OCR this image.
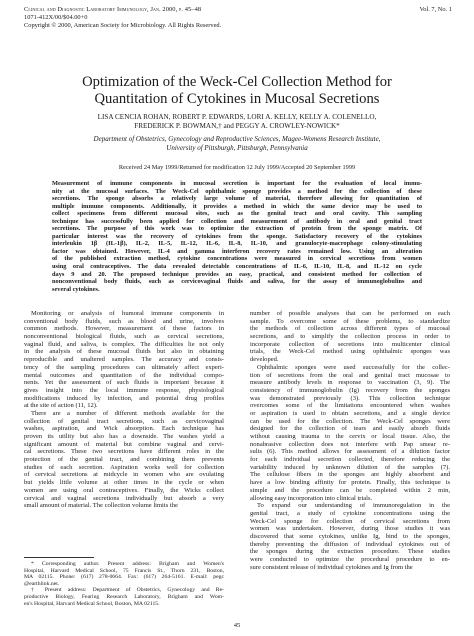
Clinical and Diagnostic Laboratory Immunology, Jan. 2000, p. 45–48
1071-412X/00/$04.00+0
Copyright © 2000, American Society for Microbiology. All Rights Reserved.
Vol. 7, No. 1
Optimization of the Weck-Cel Collection Method for
Quantitation of Cytokines in Mucosal Secretions
LISA CENCIA ROHAN, ROBERT P. EDWARDS, LORI A. KELLY, KELLY A. COLENELLO,
FREDERICK P. BOWMAN,† and PEGGY A. CROWLEY-NOWICK*
Department of Obstetrics, Gynecology and Reproductive Sciences, Magee-Womens Research Institute,
University of Pittsburgh, Pittsburgh, Pennsylvania
Received 24 May 1999/Returned for modification 12 July 1999/Accepted 20 September 1999
Measurement of immune components in mucosal secretion is important for the evaluation of local immu-
nity at the mucosal surfaces. The Weck-Cel ophthalmic sponge provides a method for the collection of these
secretions. The sponge absorbs a relatively large volume of material, therefore allowing for quantitation of
multiple immune components. Additionally, it provides a method in which the same device may be used to
collect specimens from different mucosal sites, such as the genital tract and oral cavity. This sampling
technique has successfully been applied for collection and measurement of antibody in oral and genital tract
secretions. The purpose of this work was to optimize the extraction of protein from the sponge matrix. Of
particular interest was the recovery of cytokines from the sponge. Satisfactory recovery of the cytokines
interleukin 1β (IL-1β), IL-2, IL-5, IL-12, IL-6, IL-8, IL-10, and granulocyte-macrophage colony-stimulating
factor was obtained. However, IL-4 and gamma interferon recovery rates remained low. Using an alteration
of the published extraction method, cytokine concentrations were measured in cervical secretions from women
using oral contraceptives. The data revealed detectable concentrations of IL-6, IL-10, IL-8, and IL-12 on cycle
days 9 and 20. The proposed technique provides an easy, practical, and consistent method for collection of
nonconventional body fluids, such as cervicovaginal fluids and saliva, for the assay of immunoglobulins and
several cytokines.
Monitoring or analysis of humoral immune components in
conventional body fluids, such as blood and urine, involves
common methods. However, measurement of these factors in
nonconventional biological fluids, such as cervical secretions,
vaginal fluid, and saliva, is complex. The difficulties lie not only
in the analysis of these mucosal fluids but also in obtaining
reproducible and unaltered samples. The accuracy and consis-
tency of the sampling procedures can ultimately affect experi-
mental outcomes and quantitation of the individual compo-
nents. Yet the assessment of such fluids is important because it
gives insight into the local immune response, physiological
modifications induced by infection, and potential drug profiles
at the site of action (11, 12).
There are a number of different methods available for the
collection of genital tract secretions, such as cervicovaginal
washes, aspiration, and Wick absorption. Each technique has
proven its utility but also has a downside. The washes yield a
significant amount of material but combine vaginal and cervi-
cal secretions. These two secretions have different roles in the
protection of the genital tract, and combining them prevents
studies of each secretion. Aspiration works well for collection
of cervical secretions at midcycle in women who are ovulating
but yields little volume at other times in the cycle or when
women are using oral contraceptives. Finally, the Wicks collect
cervical and vaginal secretions individually but absorb a very
small amount of material. The collection volume limits the
number of possible analyses that can be performed on each
sample. To overcome some of these problems, to standardize
the methods of collection across different types of mucosal
secretions, and to simplify the collection process in order to
incorporate collection of secretions into multicenter clinical
trials, the Weck-Cel method using ophthalmic sponges was
developed.
Ophthalmic sponges were used successfully for the collec-
tion of secretions from the oral and genital tract mucosae to
measure antibody levels in response to vaccination (3, 9). The
consistency of immunoglobulin (Ig) recovery from the sponges
was demonstrated previously (3). This collection technique
overcomes some of the limitations encountered when washes
or aspiration is used to obtain secretions, and a single device
can be used for the collection. The Weck-Cel sponges were
designed for the collection of tears and easily absorb fluids
without causing trauma to the cervix or local tissue. Also, the
nonabrasive collection does not interfere with Pap smear re-
sults (6). This method allows for assessment of a dilution factor
for each individual secretion collected, therefore reducing the
variability induced by unknown dilution of the samples (7).
The cellulose fibers in the sponges are highly absorbent and
have a low binding affinity for protein. Finally, this technique is
simple and the procedure can be completed within 2 min,
allowing easy incorporation into clinical trials.
To expand our understanding of immunoregulation in the
genital tract, a study of cytokine concentrations using the
Weck-Cel sponge for collection of cervical secretions from
women was undertaken. However, during those studies it was
discovered that some cytokines, unlike Ig, bind to the sponges,
thereby preventing the diffusion of individual cytokines out of
the sponges during the extraction procedure. These studies
were conducted to optimize the procedural procedure to en-
sure consistent release of individual cytokines and Ig from the
* Corresponding author. Present address: Brigham and Women's
Hospital, Harvard Medical School, 75 Francis St., Thorn 231, Boston,
MA 02115. Phone: (617) 278-0664. Fax: (617) 264-5161. E-mail: pegc
@earthlink.net.
† Present address: Department of Obstetrics, Gynecology and Re-
productive Biology, Fearing Research Laboratory, Brigham and Wom-
en's Hospital, Harvard Medical School, Boston, MA 02115.
45
